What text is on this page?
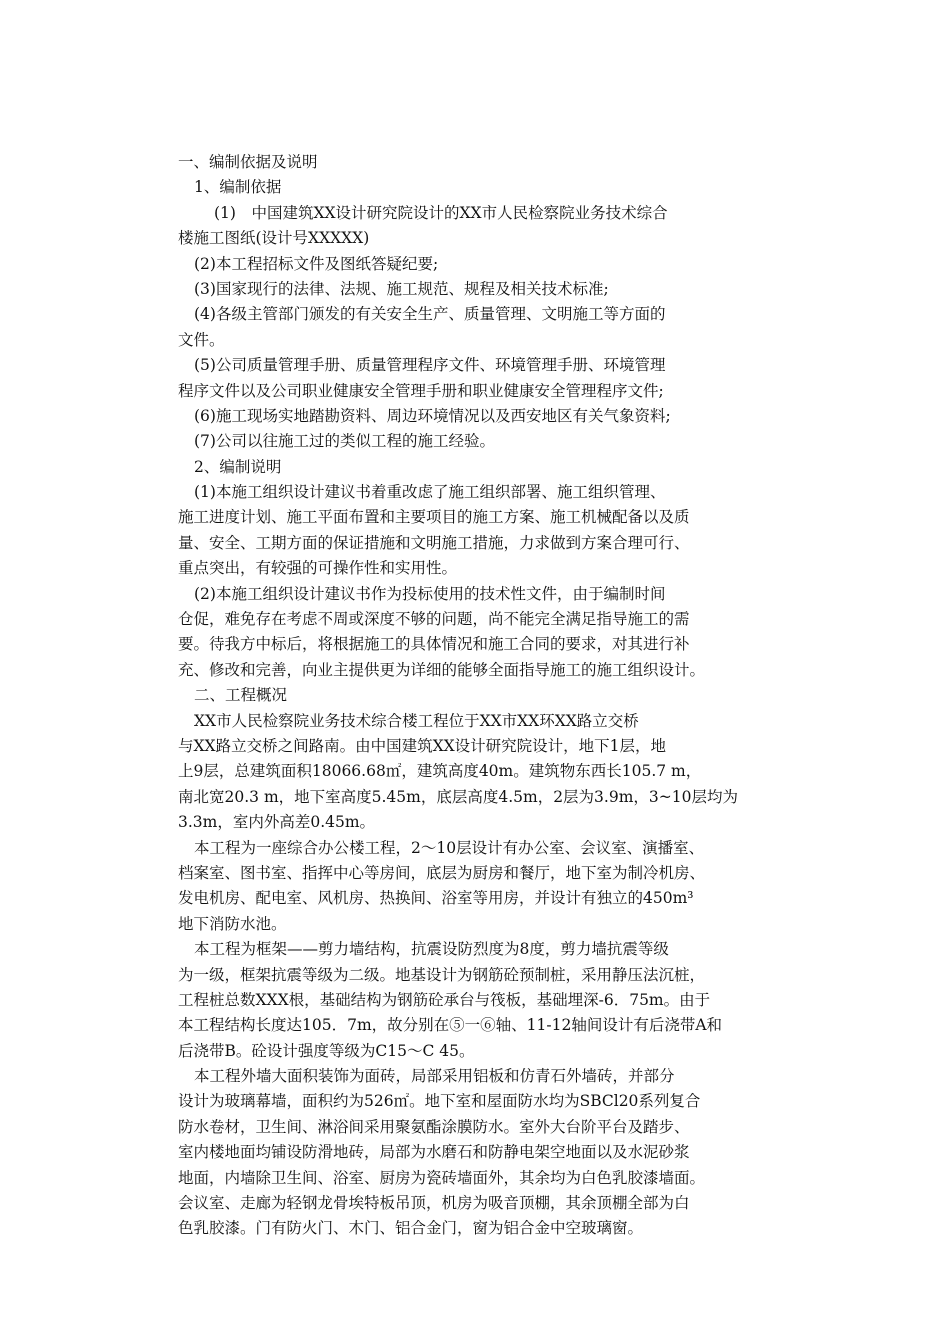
一、编制依据及说明
1、编制依据
(1)　中国建筑XX设计研究院设计的XX市人民检察院业务技术综合
楼施工图纸(设计号XXXXX)
(2)本工程招标文件及图纸答疑纪要;
(3)国家现行的法律、法规、施工规范、规程及相关技术标准;
(4)各级主管部门颁发的有关安全生产、质量管理、文明施工等方面的
文件。
(5)公司质量管理手册、质量管理程序文件、环境管理手册、环境管理
程序文件以及公司职业健康安全管理手册和职业健康安全管理程序文件;
(6)施工现场实地踏勘资料、周边环境情况以及西安地区有关气象资料;
(7)公司以往施工过的类似工程的施工经验。
2、编制说明
(1)本施工组织设计建议书着重改虑了施工组织部署、施工组织管理、
施工进度计划、施工平面布置和主要项目的施工方案、施工机械配备以及质
量、安全、工期方面的保证措施和文明施工措施，力求做到方案合理可行、
重点突出，有较强的可操作性和实用性。
(2)本施工组织设计建议书作为投标使用的技术性文件，由于编制时间
仓促，难免存在考虑不周或深度不够的问题，尚不能完全满足指导施工的需
要。待我方中标后，将根据施工的具体情况和施工合同的要求，对其进行补
充、修改和完善，向业主提供更为详细的能够全面指导施工的施工组织设计。
二、工程概况
XX市人民检察院业务技术综合楼工程位于XX市XX环XX路立交桥
与XX路立交桥之间路南。由中国建筑XX设计研究院设计，地下1层，地
上9层，总建筑面积18066.68㎡，建筑高度40m。建筑物东西长105.7 m，
南北宽20.3 m，地下室高度5.45m，底层高度4.5m，2层为3.9m，3~10层均为
3.3m，室内外高差0.45m。
本工程为一座综合办公楼工程，2～10层设计有办公室、会议室、演播室、
档案室、图书室、指挥中心等房间，底层为厨房和餐厅，地下室为制冷机房、
发电机房、配电室、风机房、热换间、浴室等用房，并设计有独立的450m³
地下消防水池。
本工程为框架——剪力墙结构，抗震设防烈度为8度，剪力墙抗震等级
为一级，框架抗震等级为二级。地基设计为钢筋砼预制桩，采用静压法沉桩，
工程桩总数XXX根，基础结构为钢筋砼承台与筏板，基础埋深-6．75m。由于
本工程结构长度达105．7m，故分别在⑤一⑥轴、11-12轴间设计有后浇带A和
后浇带B。砼设计强度等级为C15～C 45。
本工程外墙大面积装饰为面砖，局部采用铝板和仿青石外墙砖，并部分
设计为玻璃幕墙，面积约为526㎡。地下室和屋面防水均为SBCl20系列复合
防水卷材，卫生间、淋浴间采用聚氨酯涂膜防水。室外大台阶平台及踏步、
室内楼地面均铺设防滑地砖，局部为水磨石和防静电架空地面以及水泥砂浆
地面，内墙除卫生间、浴室、厨房为瓷砖墙面外，其余均为白色乳胶漆墙面。
会议室、走廊为轻钢龙骨埃特板吊顶，机房为吸音顶棚，其余顶棚全部为白
色乳胶漆。门有防火门、木门、铝合金门，窗为铝合金中空玻璃窗。
